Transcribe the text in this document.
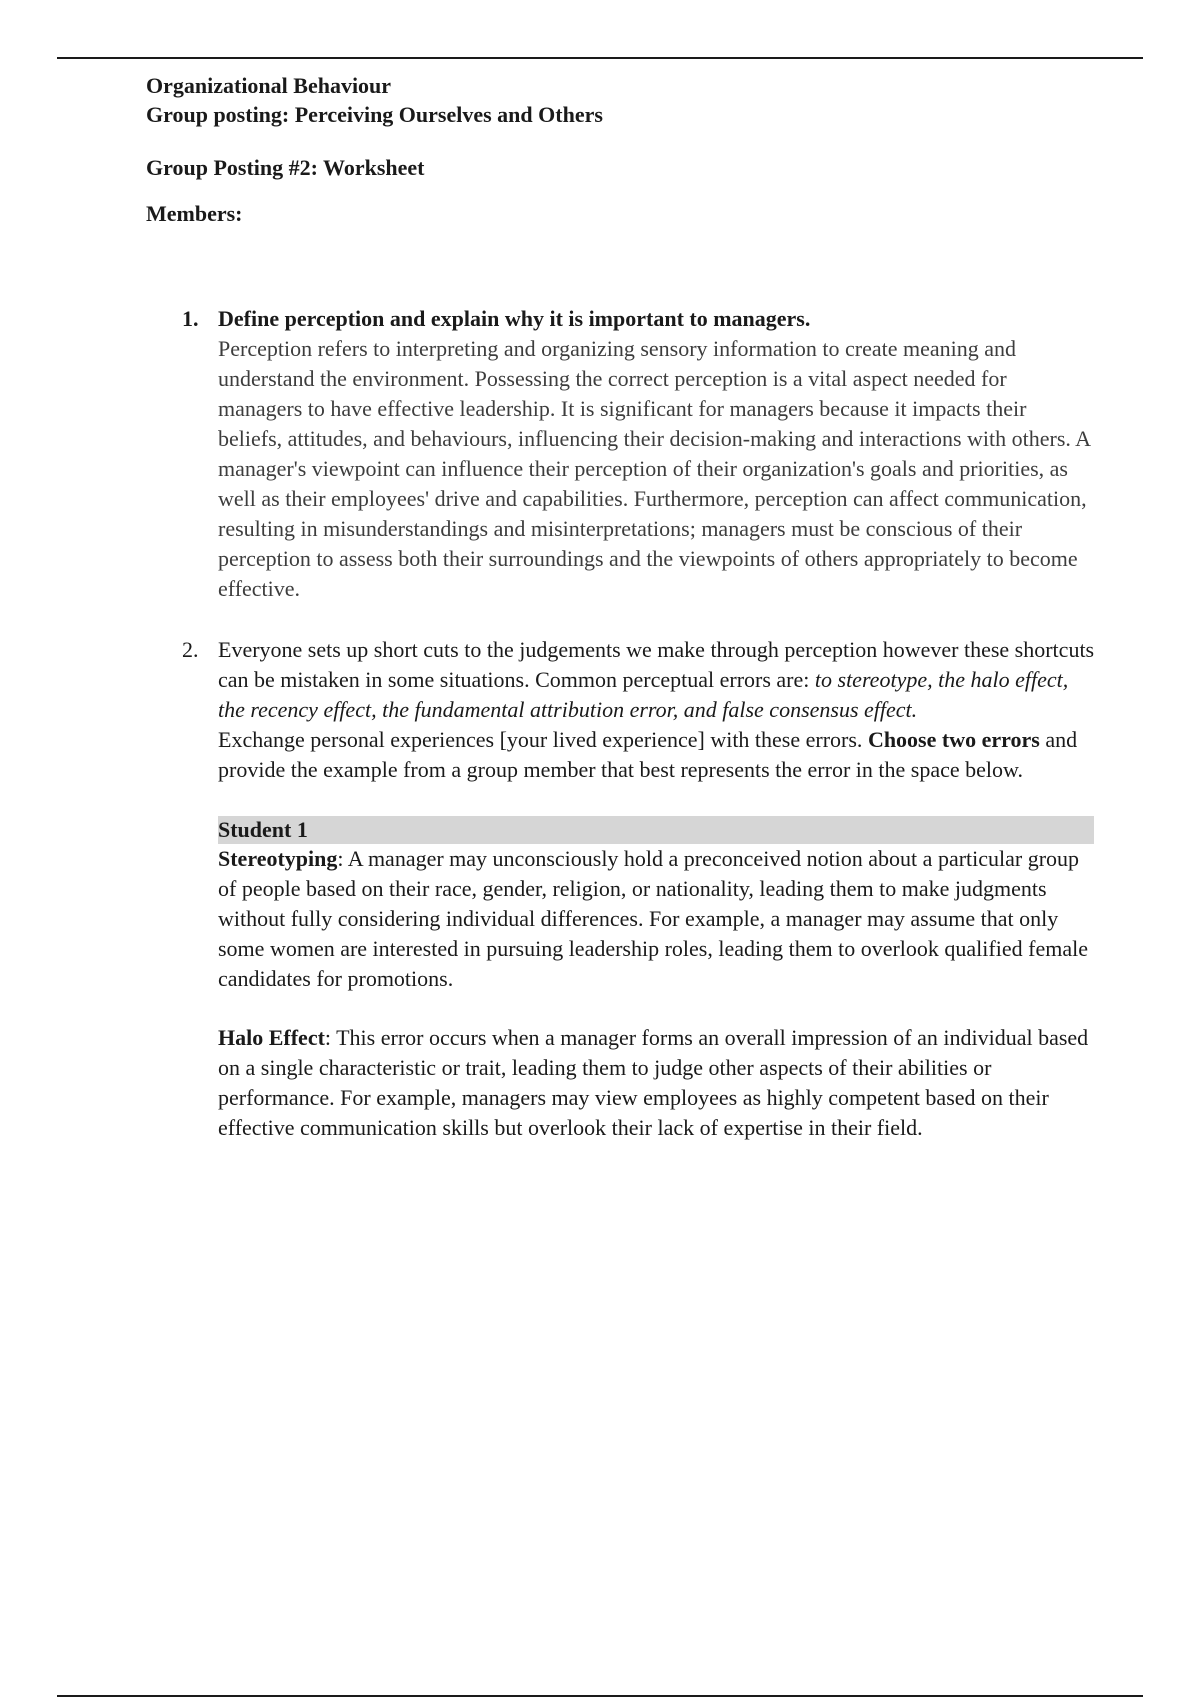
Organizational Behaviour

Group posting: Perceiving Ourselves and Others

Group Posting #2: Worksheet

Members:

1. Define perception and explain why it is important to managers.

Perception refers to interpreting and organizing sensory information to create meaning and understand the environment. Possessing the correct perception is a vital aspect needed for managers to have effective leadership. It is significant for managers because it impacts their beliefs, attitudes, and behaviours, influencing their decision-making and interactions with others. A manager's viewpoint can influence their perception of their organization's goals and priorities, as well as their employees' drive and capabilities. Furthermore, perception can affect communication, resulting in misunderstandings and misinterpretations; managers must be conscious of their perception to assess both their surroundings and the viewpoints of others appropriately to become effective.

2. Everyone sets up short cuts to the judgements we make through perception however these shortcuts can be mistaken in some situations. Common perceptual errors are: to stereotype, the halo effect, the recency effect, the fundamental attribution error, and false consensus effect.

Exchange personal experiences [your lived experience] with these errors. Choose two errors and provide the example from a group member that best represents the error in the space below.

Student 1

Stereotyping: A manager may unconsciously hold a preconceived notion about a particular group of people based on their race, gender, religion, or nationality, leading them to make judgments without fully considering individual differences. For example, a manager may assume that only some women are interested in pursuing leadership roles, leading them to overlook qualified female candidates for promotions.

Halo Effect: This error occurs when a manager forms an overall impression of an individual based on a single characteristic or trait, leading them to judge other aspects of their abilities or performance. For example, managers may view employees as highly competent based on their effective communication skills but overlook their lack of expertise in their field.
